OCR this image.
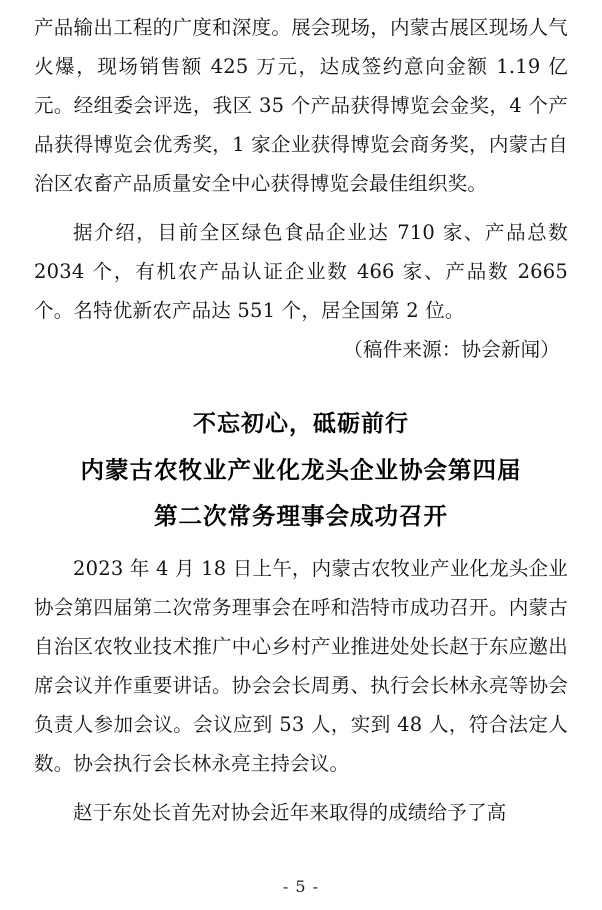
产品输出工程的广度和深度。展会现场，内蒙古展区现场人气火爆，现场销售额 425 万元，达成签约意向金额 1.19 亿元。经组委会评选，我区 35 个产品获得博览会金奖，4 个产品获得博览会优秀奖，1 家企业获得博览会商务奖，内蒙古自治区农畜产品质量安全中心获得博览会最佳组织奖。

据介绍，目前全区绿色食品企业达 710 家、产品总数 2034 个，有机农产品认证企业数 466 家、产品数 2665 个。名特优新农产品达 551 个，居全国第 2 位。

（稿件来源：协会新闻）

不忘初心，砥砺前行
内蒙古农牧业产业化龙头企业协会第四届
第二次常务理事会成功召开

2023 年 4 月 18 日上午，内蒙古农牧业产业化龙头企业协会第四届第二次常务理事会在呼和浩特市成功召开。内蒙古自治区农牧业技术推广中心乡村产业推进处处长赵于东应邀出席会议并作重要讲话。协会会长周勇、执行会长林永亮等协会负责人参加会议。会议应到 53 人，实到 48 人，符合法定人数。协会执行会长林永亮主持会议。

赵于东处长首先对协会近年来取得的成绩给予了高

- 5 -
